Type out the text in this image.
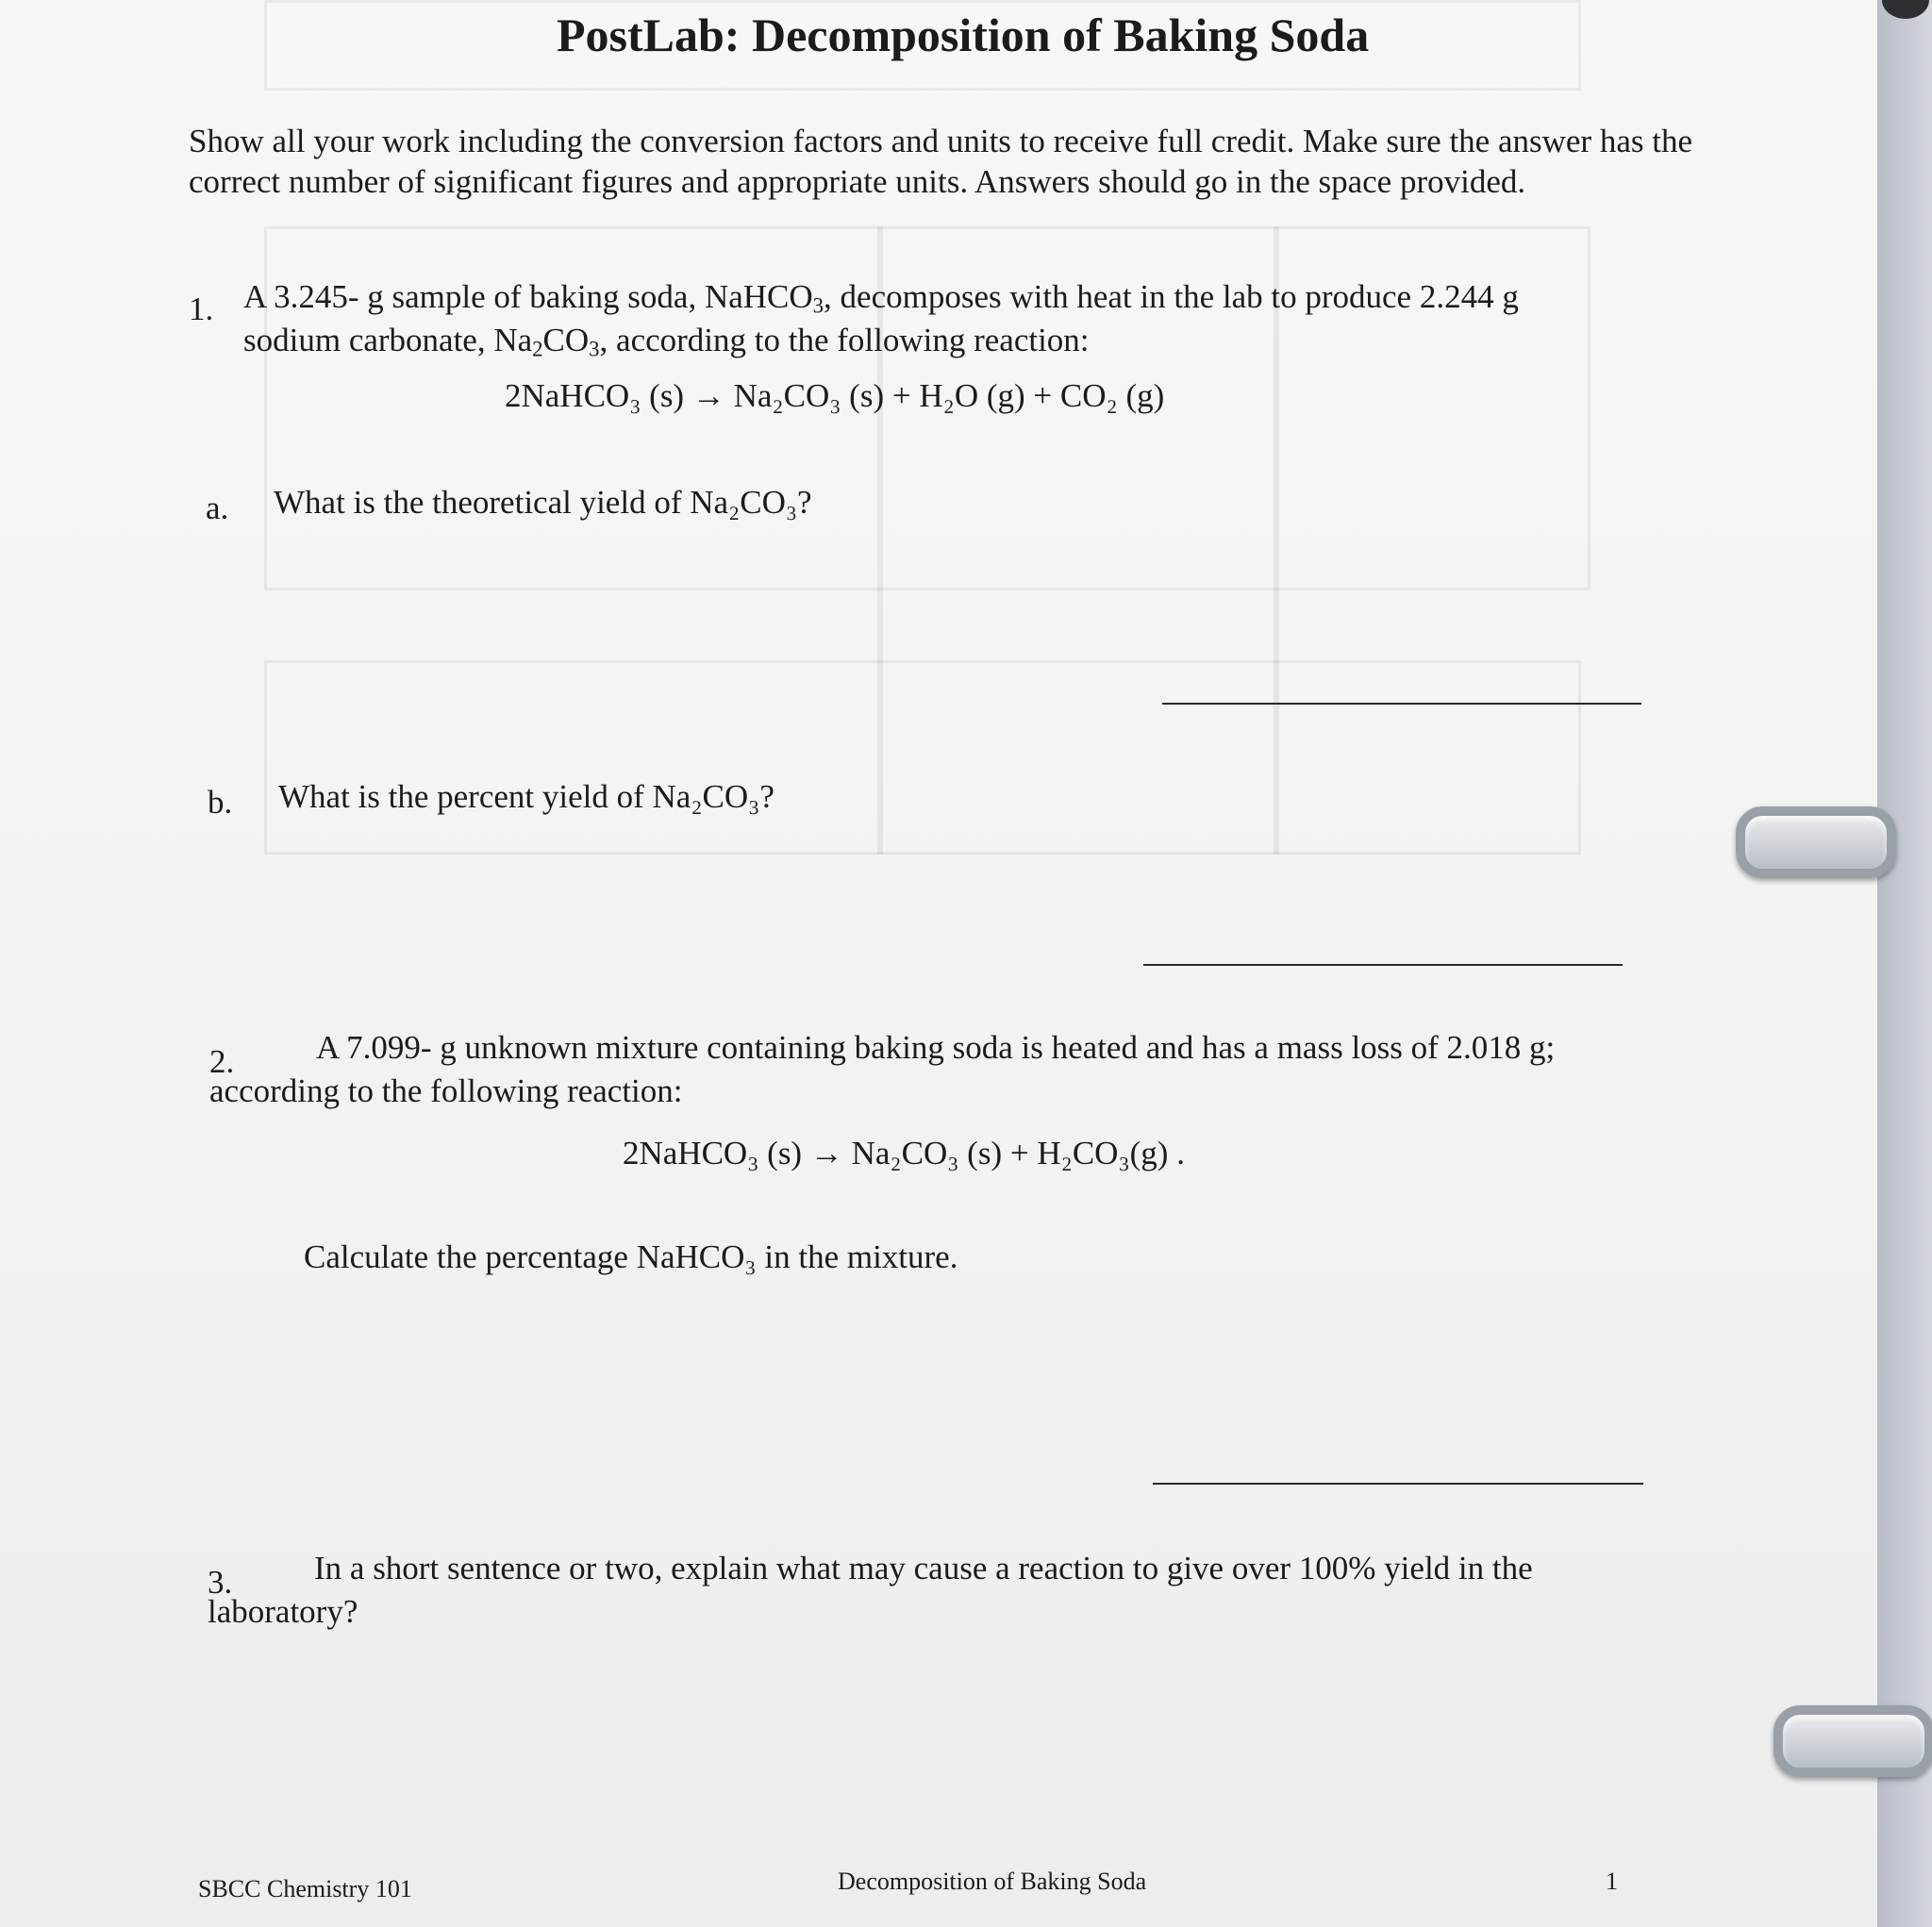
PostLab: Decomposition of Baking Soda
Show all your work including the conversion factors and units to receive full credit. Make sure the answer has the correct number of significant figures and appropriate units. Answers should go in the space provided.
1. A 3.245- g sample of baking soda, NaHCO$_3$, decomposes with heat in the lab to produce 2.244 g sodium carbonate, $Na_2CO_3$, according to the following reaction:
2NaHCO₃ (s) → Na₂CO₃ (s) + H₂O (g) + CO₂ (g)
a. What is the theoretical yield of Na₂CO₃?
b. What is the percent yield of Na₂CO₃?
2.	A 7.099- g unknown mixture containing baking soda is heated and has a mass loss of 2.018 g; according to the following reaction:
2NaHCO₃ (s) → Na₂CO₃ (s) + H₂CO₃(g) .
Calculate the percentage NaHCO₃ in the mixture.
3.	In a short sentence or two, explain what may cause a reaction to give over 100% yield in the laboratory?
SBCC Chemistry 101	Decomposition of Baking Soda	1
